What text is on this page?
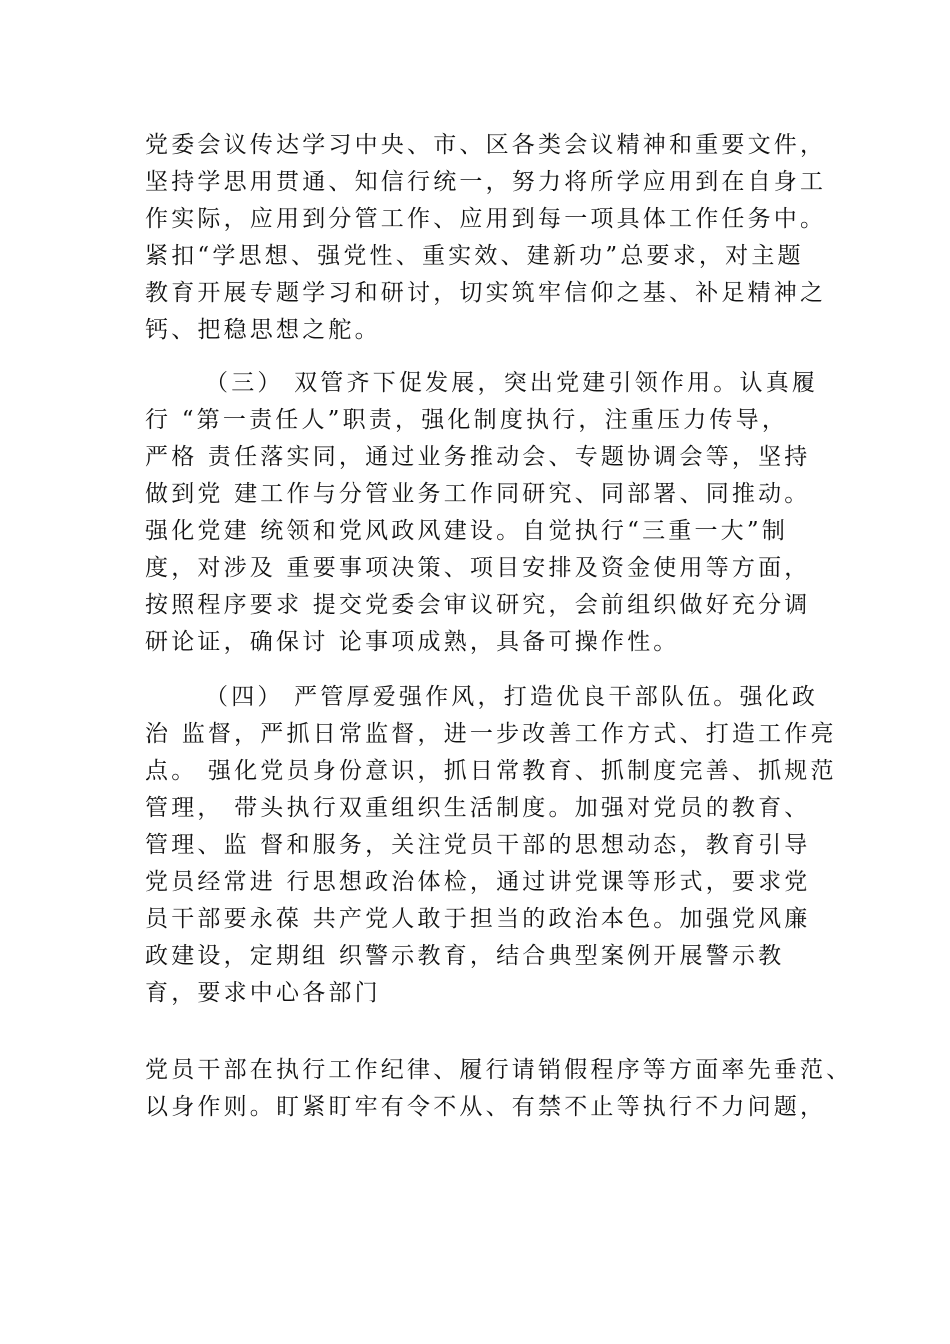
党委会议传达学习中央、市、区各类会议精神和重要文件，
坚持学思用贯通、知信行统一，努力将所学应用到在自身工
作实际，应用到分管工作、应用到每一项具体工作任务中。
紧扣“学思想、强党性、重实效、建新功”总要求，对主题
教育开展专题学习和研讨，切实筑牢信仰之基、补足精神之
钙、把稳思想之舵。
（三） 双管齐下促发展，突出党建引领作用。认真履
行 “第一责任人”职责，强化制度执行，注重压力传导，
严格 责任落实同，通过业务推动会、专题协调会等，坚持
做到党 建工作与分管业务工作同研究、同部署、同推动。
强化党建 统领和党风政风建设。自觉执行“三重一大”制
度，对涉及 重要事项决策、项目安排及资金使用等方面，
按照程序要求 提交党委会审议研究，会前组织做好充分调
研论证，确保讨 论事项成熟，具备可操作性。
（四） 严管厚爱强作风，打造优良干部队伍。强化政
治 监督，严抓日常监督，进一步改善工作方式、打造工作亮
点。 强化党员身份意识，抓日常教育、抓制度完善、抓规范
管理， 带头执行双重组织生活制度。加强对党员的教育、
管理、监 督和服务，关注党员干部的思想动态，教育引导
党员经常进 行思想政治体检，通过讲党课等形式，要求党
员干部要永葆 共产党人敢于担当的政治本色。加强党风廉
政建设，定期组 织警示教育，结合典型案例开展警示教
育，要求中心各部门
党员干部在执行工作纪律、履行请销假程序等方面率先垂范、
以身作则。盯紧盯牢有令不从、有禁不止等执行不力问题，
